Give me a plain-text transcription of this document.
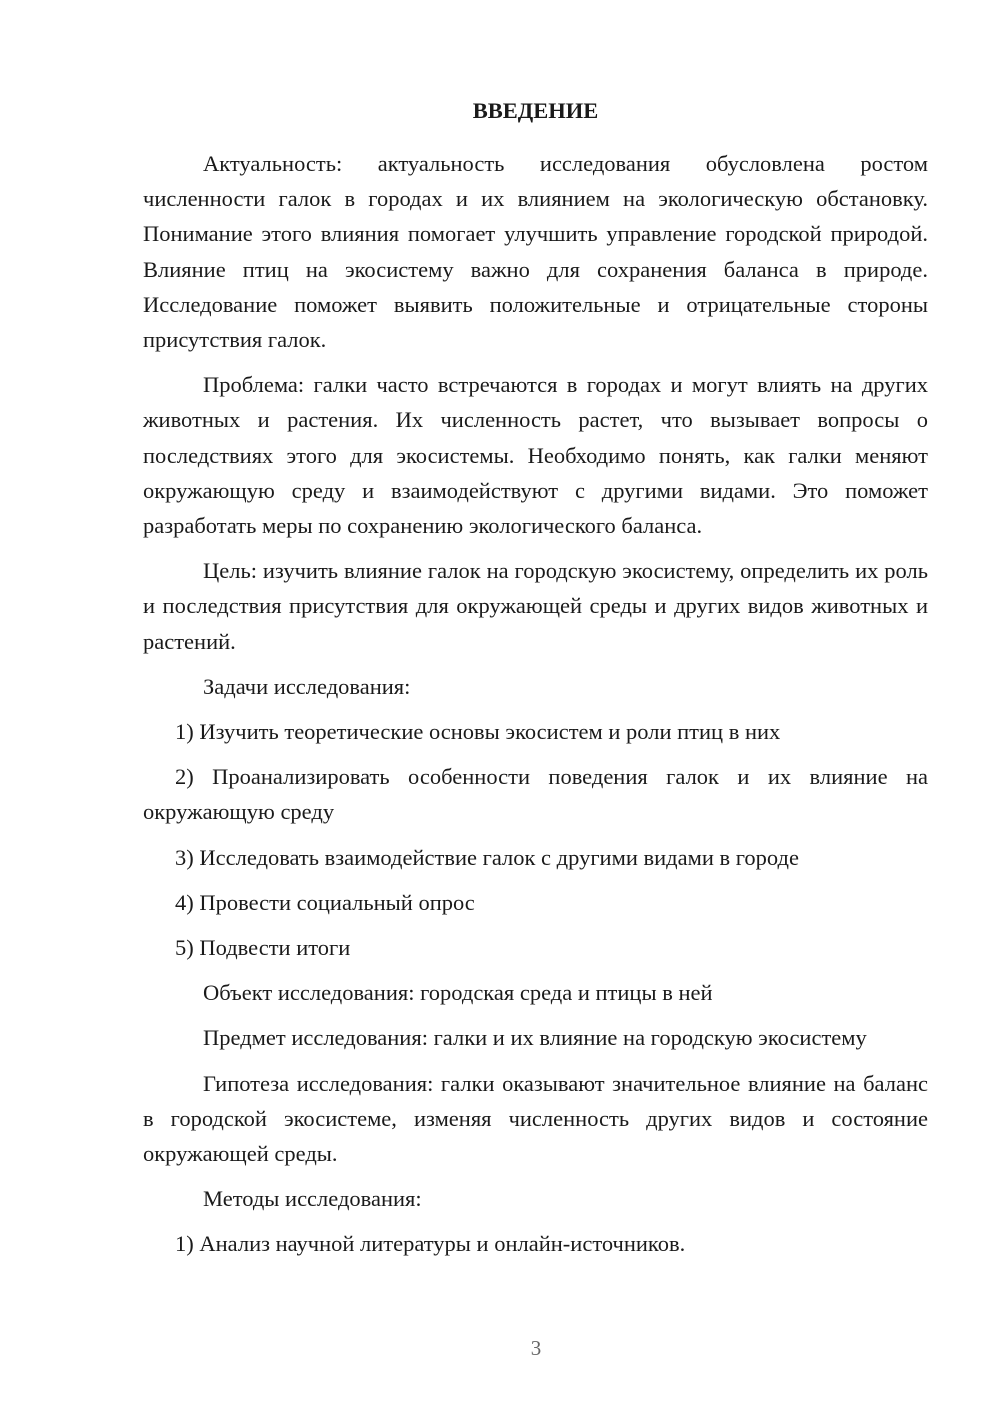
ВВЕДЕНИЕ

Актуальность: актуальность исследования обусловлена ростом численности галок в городах и их влиянием на экологическую обстановку. Понимание этого влияния помогает улучшить управление городской природой. Влияние птиц на экосистему важно для сохранения баланса в природе. Исследование поможет выявить положительные и отрицательные стороны присутствия галок.

Проблема: галки часто встречаются в городах и могут влиять на других животных и растения. Их численность растет, что вызывает вопросы о последствиях этого для экосистемы. Необходимо понять, как галки меняют окружающую среду и взаимодействуют с другими видами. Это поможет разработать меры по сохранению экологического баланса.

Цель: изучить влияние галок на городскую экосистему, определить их роль и последствия присутствия для окружающей среды и других видов животных и растений.

Задачи исследования:

1) Изучить теоретические основы экосистем и роли птиц в них

2) Проанализировать особенности поведения галок и их влияние на окружающую среду

3) Исследовать взаимодействие галок с другими видами в городе

4) Провести социальный опрос

5) Подвести итоги

Объект исследования: городская среда и птицы в ней

Предмет исследования: галки и их влияние на городскую экосистему

Гипотеза исследования: галки оказывают значительное влияние на баланс в городской экосистеме, изменяя численность других видов и состояние окружающей среды.

Методы исследования:

1) Анализ научной литературы и онлайн-источников.

3
